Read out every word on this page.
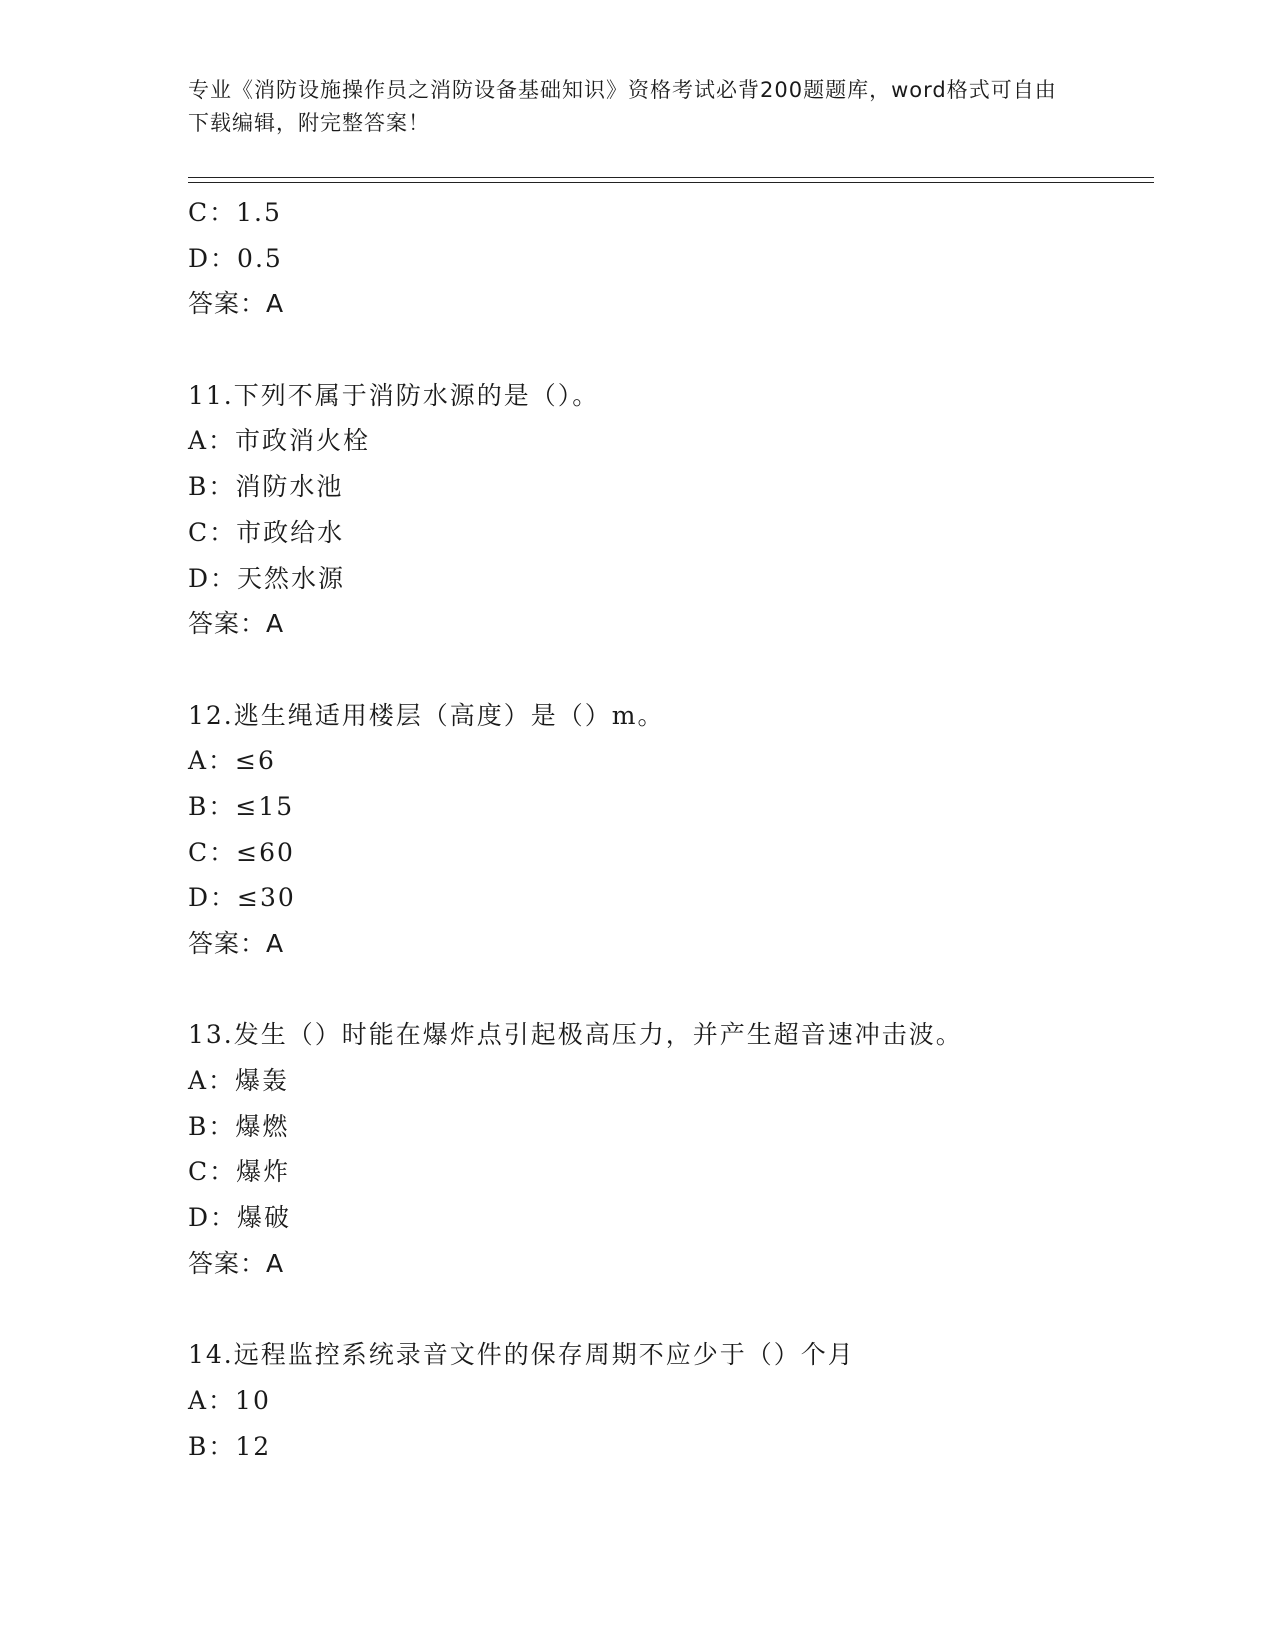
专业《消防设施操作员之消防设备基础知识》资格考试必背200题题库，word格式可自由下载编辑，附完整答案！
C：1.5
D：0.5
答案：A
11.下列不属于消防水源的是（）。
A：市政消火栓
B：消防水池
C：市政给水
D：天然水源
答案：A
12.逃生绳适用楼层（高度）是（）m。
A：≤6
B：≤15
C：≤60
D：≤30
答案：A
13.发生（）时能在爆炸点引起极高压力，并产生超音速冲击波。
A：爆轰
B：爆燃
C：爆炸
D：爆破
答案：A
14.远程监控系统录音文件的保存周期不应少于（）个月
A：10
B：12
